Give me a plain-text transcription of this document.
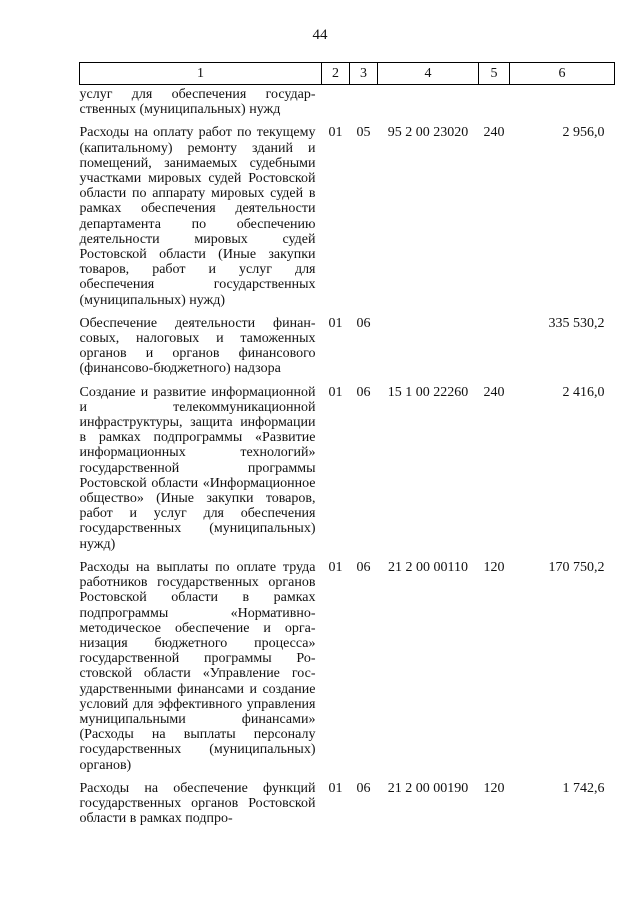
44
1	2	3	4	5	6
услуг для обеспечения государственных (муниципальных) нужд					
Расходы на оплату работ по текущему (капитальному) ремонту зданий и помещений, занимаемых судебными участками мировых судей Ростовской области по аппарату мировых судей в рамках обеспечения деятельности департамента по обеспечению деятельности мировых судей Ростовской области (Иные закупки товаров, работ и услуг для обеспечения государственных (муниципальных) нужд)	01	05	95 2 00 23020	240	2 956,0
Обеспечение деятельности финансовых, налоговых и таможенных органов и органов финансового (финансово-бюджетного) надзора	01	06			335 530,2
Создание и развитие информационной и телекоммуникационной инфраструктуры, защита информации в рамках подпрограммы «Развитие информационных технологий» государственной программы Ростовской области «Информационное общество» (Иные закупки товаров, работ и услуг для обеспечения государственных (муниципальных) нужд)	01	06	15 1 00 22260	240	2 416,0
Расходы на выплаты по оплате труда работников государственных органов Ростовской области в рамках подпрограммы «Нормативно-методическое обеспечение и организация бюджетного процесса» государственной программы Ростовской области «Управление государственными финансами и создание условий для эффективного управления муниципальными финансами» (Расходы на выплаты персоналу государственных (муниципальных) органов)	01	06	21 2 00 00110	120	170 750,2
Расходы на обеспечение функций государственных органов Ростовской области в рамках подпро-	01	06	21 2 00 00190	120	1 742,6
